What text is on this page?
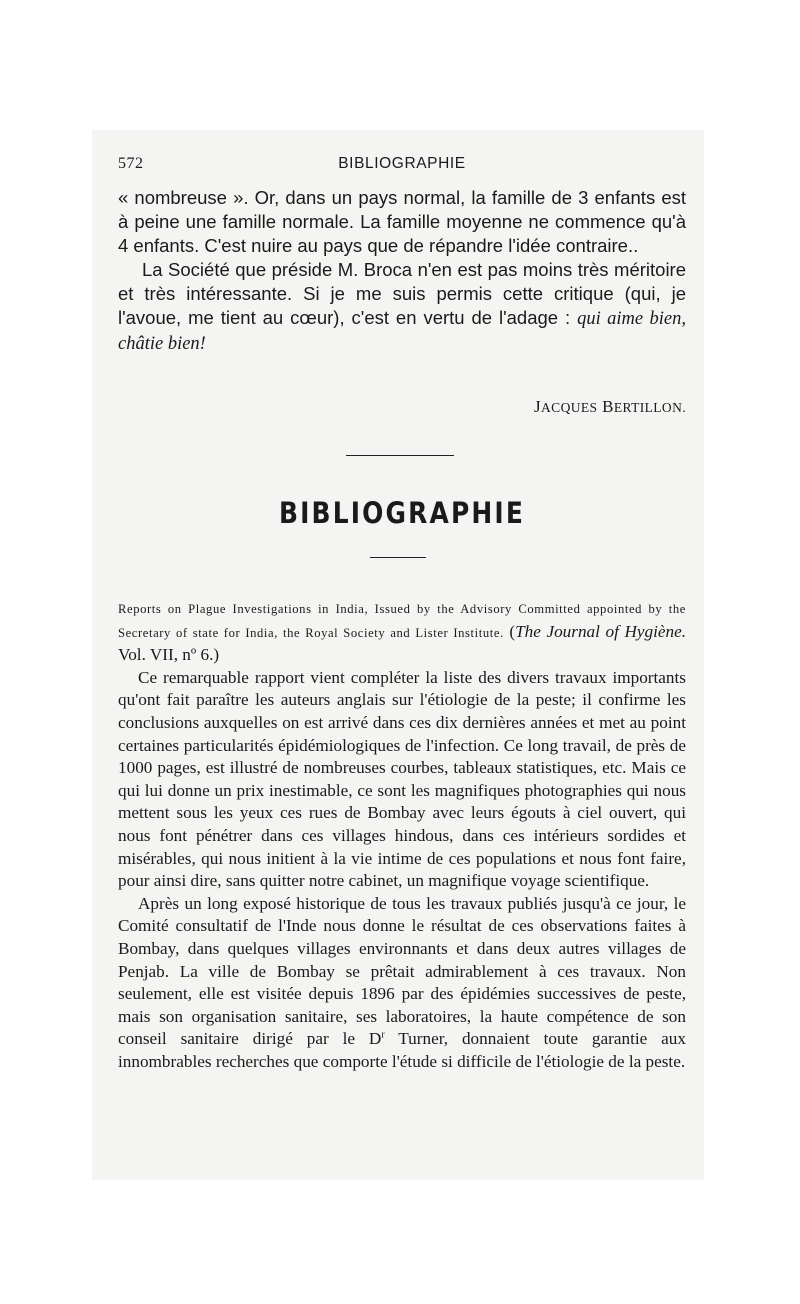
572	BIBLIOGRAPHIE

« nombreuse ». Or, dans un pays normal, la famille de 3 enfants est à peine une famille normale. La famille moyenne ne commence qu'à 4 enfants. C'est nuire au pays que de répandre l'idée contraire..

La Société que préside M. Broca n'en est pas moins très méritoire et très intéressante. Si je me suis permis cette critique (qui, je l'avoue, me tient au cœur), c'est en vertu de l'adage : qui aime bien, châtie bien!

JACQUES BERTILLON.
BIBLIOGRAPHIE

Reports on Plague Investigations in India, Issued by the Advisory Committed appointed by the Secretary of state for India, the Royal Society and Lister Institute. (The Journal of Hygiène. Vol. VII, nº 6.)

Ce remarquable rapport vient compléter la liste des divers travaux importants qu'ont fait paraître les auteurs anglais sur l'étiologie de la peste; il confirme les conclusions auxquelles on est arrivé dans ces dix dernières années et met au point certaines particularités épidémiologiques de l'infection. Ce long travail, de près de 1000 pages, est illustré de nombreuses courbes, tableaux statistiques, etc. Mais ce qui lui donne un prix inestimable, ce sont les magnifiques photographies qui nous mettent sous les yeux ces rues de Bombay avec leurs égouts à ciel ouvert, qui nous font pénétrer dans ces villages hindous, dans ces intérieurs sordides et misérables, qui nous initient à la vie intime de ces populations et nous font faire, pour ainsi dire, sans quitter notre cabinet, un magnifique voyage scientifique.

Après un long exposé historique de tous les travaux publiés jusqu'à ce jour, le Comité consultatif de l'Inde nous donne le résultat de ces observations faites à Bombay, dans quelques villages environnants et dans deux autres villages de Penjab. La ville de Bombay se prêtait admirablement à ces travaux. Non seulement, elle est visitée depuis 1896 par des épidémies successives de peste, mais son organisation sanitaire, ses laboratoires, la haute compétence de son conseil sanitaire dirigé par le $D^r$ Turner, donnaient toute garantie aux innombrables recherches que comporte l'étude si difficile de l'étiologie de la peste.
